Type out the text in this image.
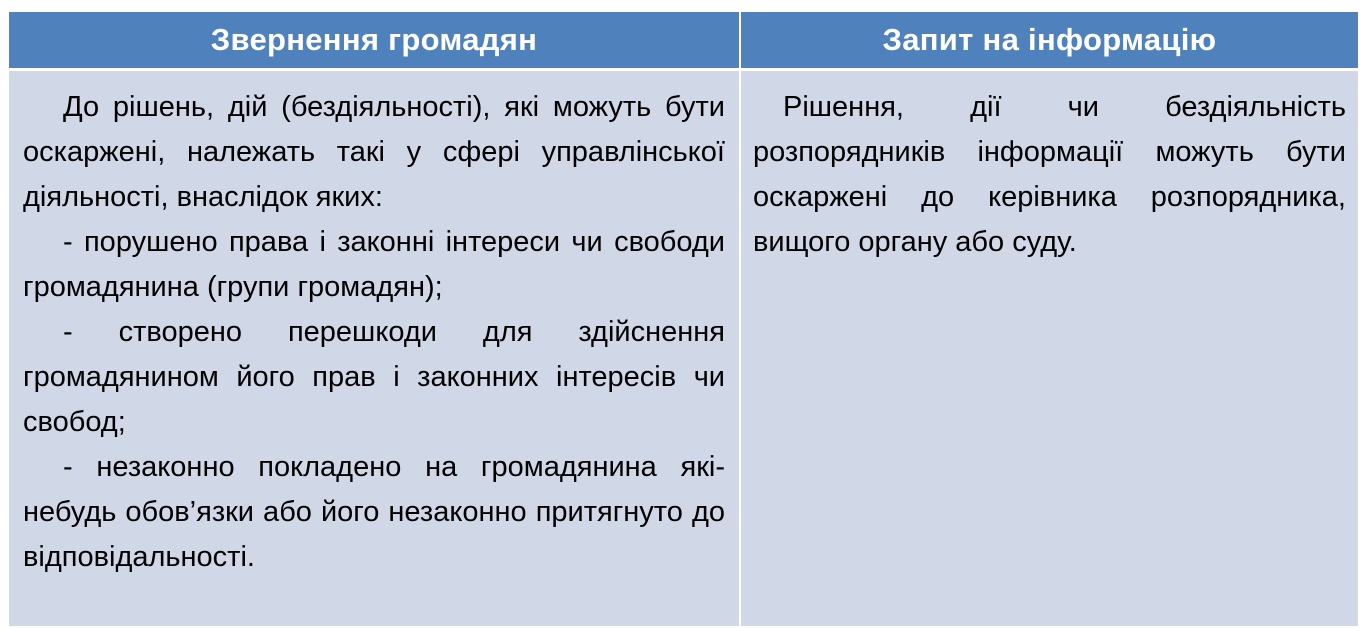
Звернення громадян	Запит на інформацію

До рішень, дій (бездіяльності), які можуть бути оскаржені, належать такі у сфері управлінської діяльності, внаслідок яких:

- порушено права і законні інтереси чи свободи громадянина (групи громадян);

- створено перешкоди для здійснення громадянином його прав і законних інтересів чи свобод;

- незаконно покладено на громадянина які-небудь обов’язки або його незаконно притягнуто до відповідальності.

Рішення, дії чи бездіяльність розпорядників інформації можуть бути оскаржені до керівника розпорядника, вищого органу або суду.
